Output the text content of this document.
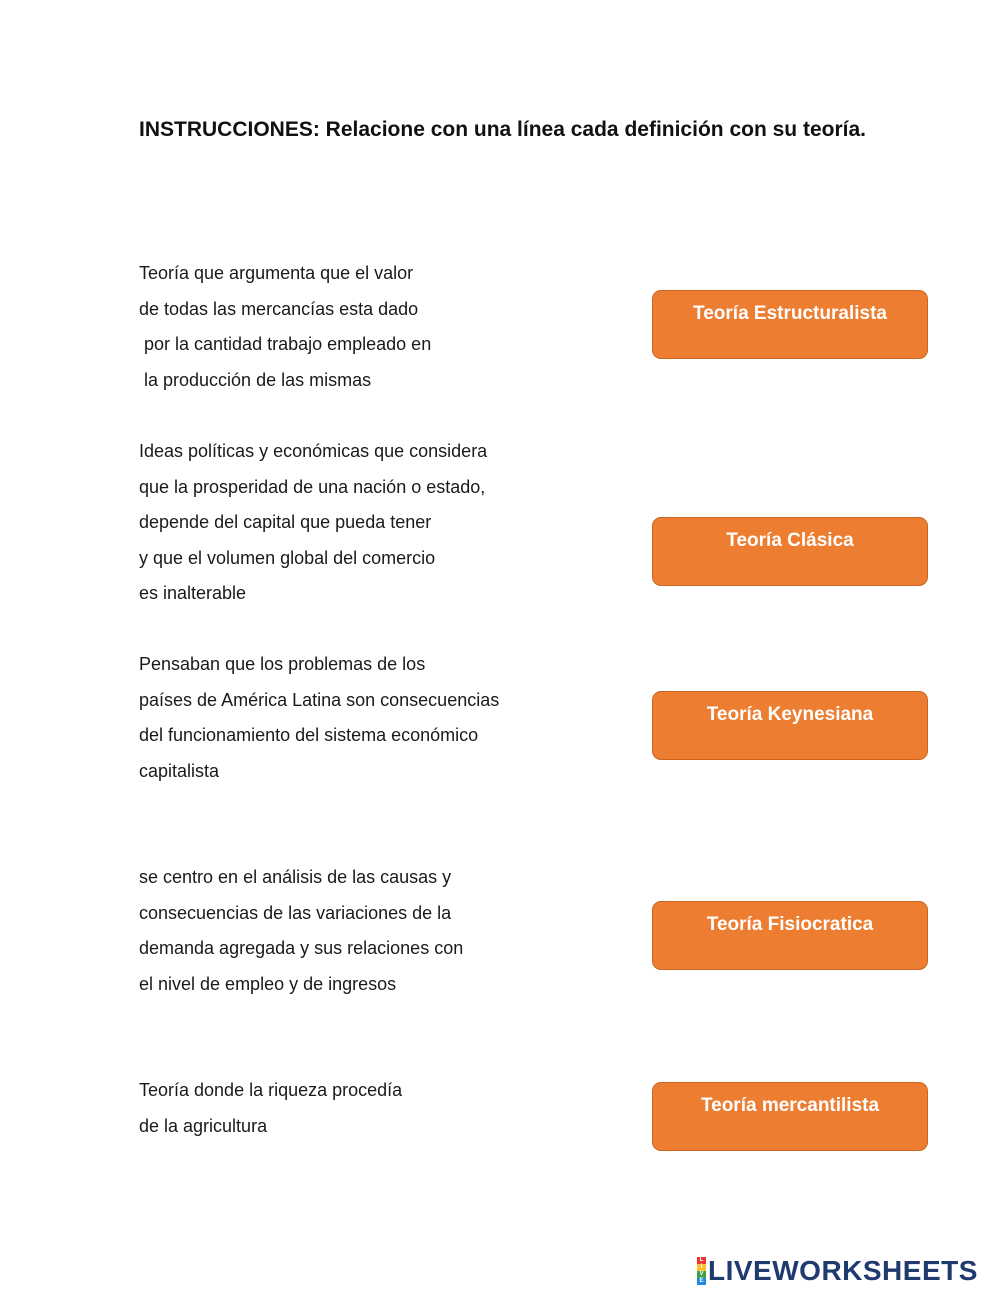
INSTRUCCIONES: Relacione con una línea cada definición con su teoría.
Teoría que argumenta que el valor
de todas las mercancías esta dado
por la cantidad trabajo empleado en
la producción de las mismas
Ideas políticas y económicas que considera
que la prosperidad de una nación o estado,
depende del capital que pueda tener
y que el volumen global del comercio
es inalterable
Pensaban que los problemas de los
países de América Latina son consecuencias
del funcionamiento del sistema económico
capitalista
se centro en el análisis de las causas y
consecuencias de las variaciones de la
demanda agregada y sus relaciones con
el nivel de empleo y de ingresos
Teoría donde la riqueza procedía
de la agricultura
Teoría Estructuralista
Teoría Clásica
Teoría Keynesiana
Teoría Fisiocratica
Teoría mercantilista
L
I
V
E LIVEWORKSHEETS
